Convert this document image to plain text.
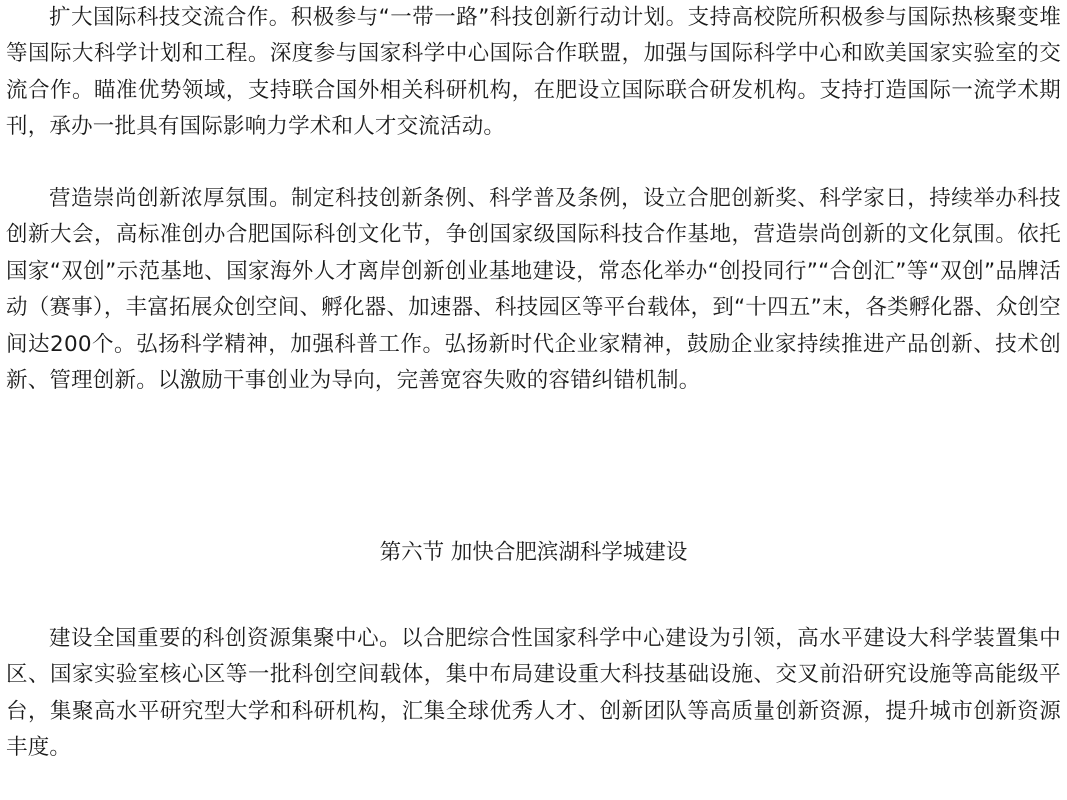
扩大国际科技交流合作。积极参与“一带一路”科技创新行动计划。支持高校院所积极参与国际热核聚变堆等国际大科学计划和工程。深度参与国家科学中心国际合作联盟，加强与国际科学中心和欧美国家实验室的交流合作。瞄准优势领域，支持联合国外相关科研机构，在肥设立国际联合研发机构。支持打造国际一流学术期刊，承办一批具有国际影响力学术和人才交流活动。

营造崇尚创新浓厚氛围。制定科技创新条例、科学普及条例，设立合肥创新奖、科学家日，持续举办科技创新大会，高标准创办合肥国际科创文化节，争创国家级国际科技合作基地，营造崇尚创新的文化氛围。依托国家“双创”示范基地、国家海外人才离岸创新创业基地建设，常态化举办“创投同行”“合创汇”等“双创”品牌活动（赛事），丰富拓展众创空间、孵化器、加速器、科技园区等平台载体，到“十四五”末，各类孵化器、众创空间达200个。弘扬科学精神，加强科普工作。弘扬新时代企业家精神，鼓励企业家持续推进产品创新、技术创新、管理创新。以激励干事创业为导向，完善宽容失败的容错纠错机制。

第六节 加快合肥滨湖科学城建设

建设全国重要的科创资源集聚中心。以合肥综合性国家科学中心建设为引领，高水平建设大科学装置集中区、国家实验室核心区等一批科创空间载体，集中布局建设重大科技基础设施、交叉前沿研究设施等高能级平台，集聚高水平研究型大学和科研机构，汇集全球优秀人才、创新团队等高质量创新资源，提升城市创新资源丰度。
